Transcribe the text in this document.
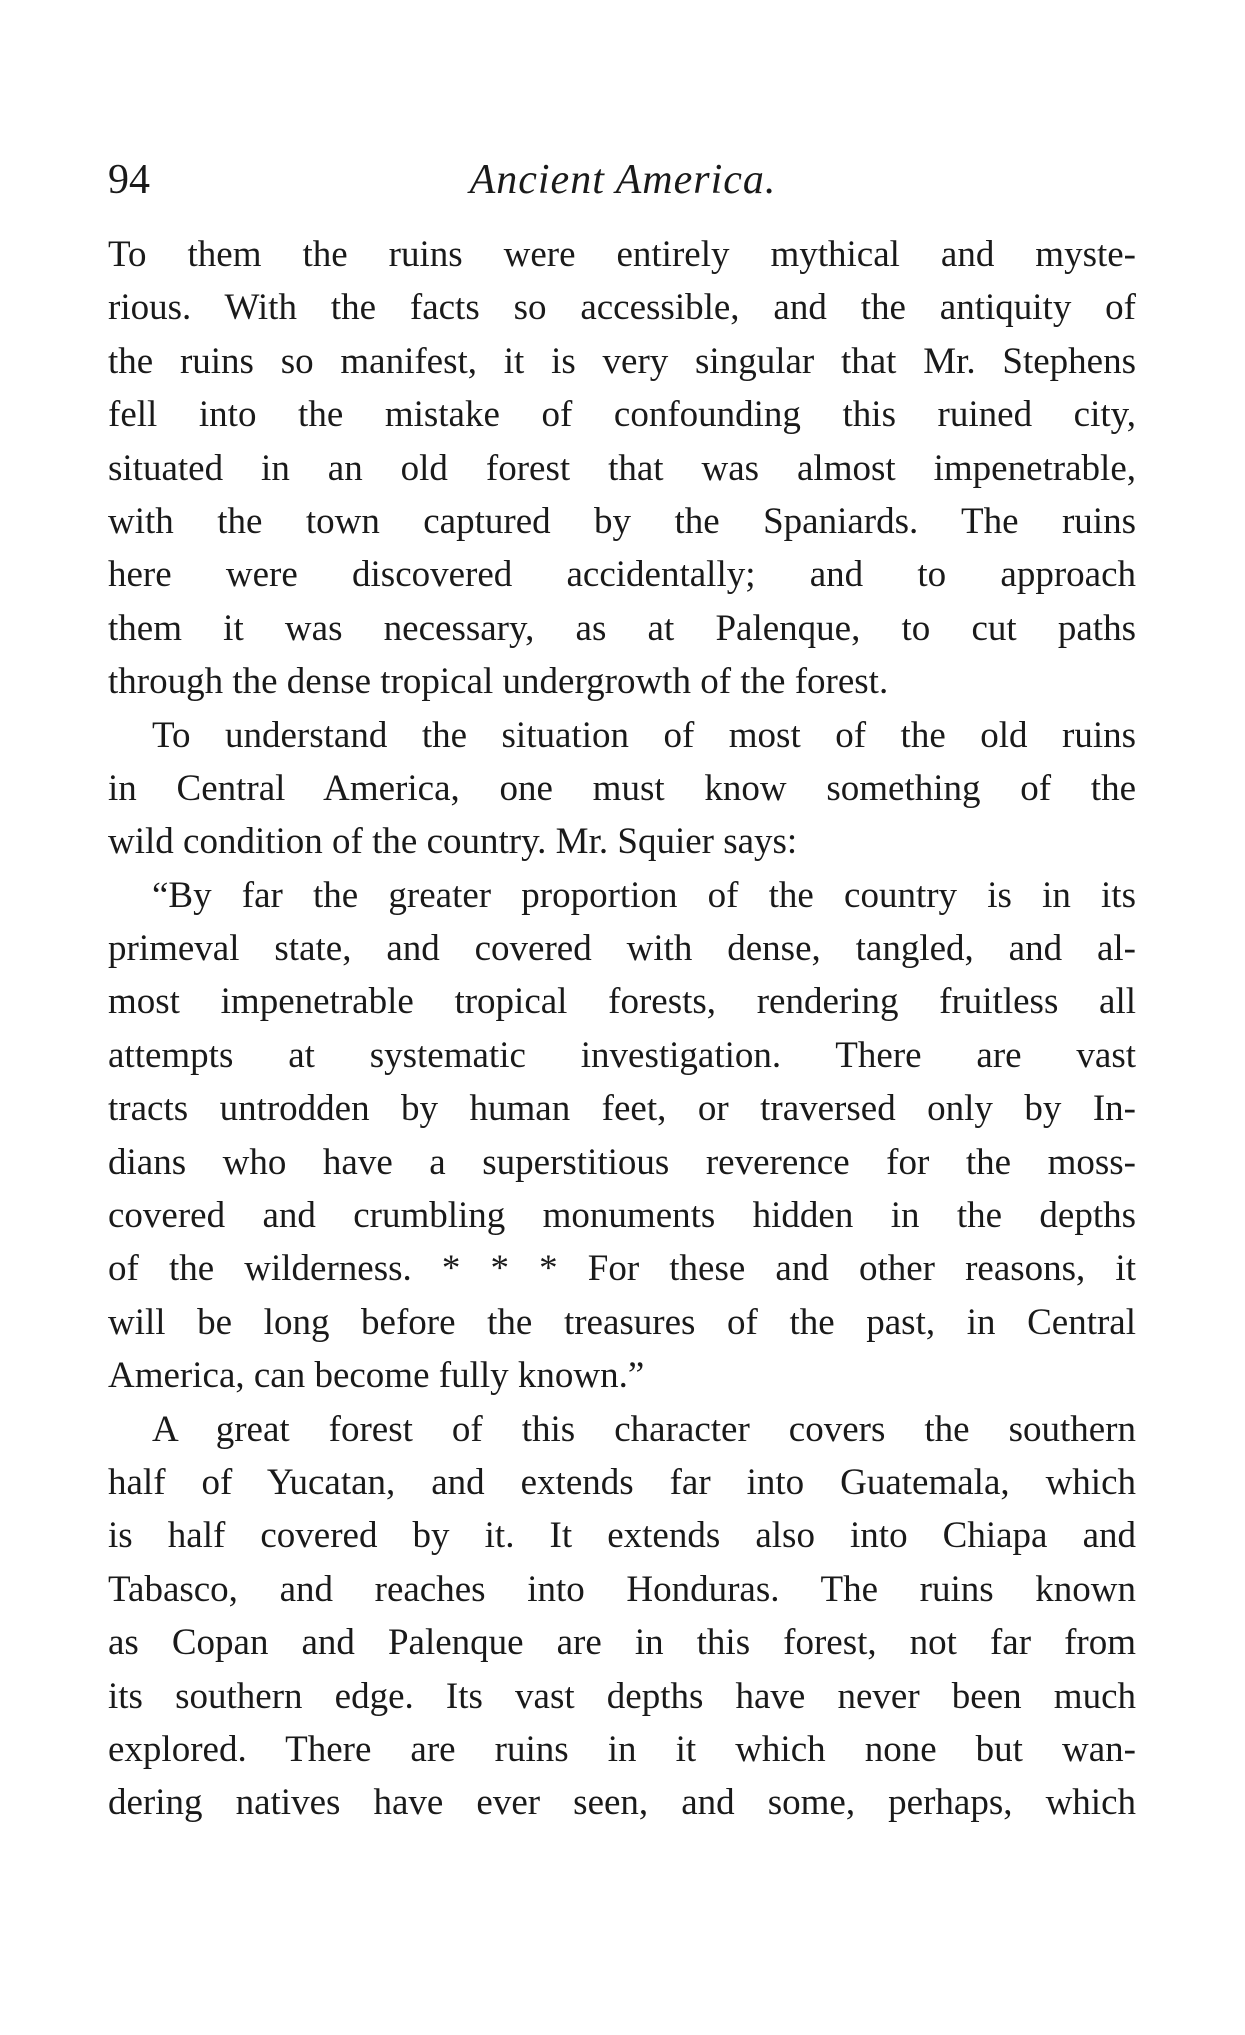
94	Ancient America.
To them the ruins were entirely mythical and myste-
rious. With the facts so accessible, and the antiquity of
the ruins so manifest, it is very singular that Mr. Stephens
fell into the mistake of confounding this ruined city,
situated in an old forest that was almost impenetrable,
with the town captured by the Spaniards. The ruins
here were discovered accidentally; and to approach
them it was necessary, as at Palenque, to cut paths
through the dense tropical undergrowth of the forest.
To understand the situation of most of the old ruins
in Central America, one must know something of the
wild condition of the country. Mr. Squier says:
“By far the greater proportion of the country is in its
primeval state, and covered with dense, tangled, and al-
most impenetrable tropical forests, rendering fruitless all
attempts at systematic investigation. There are vast
tracts untrodden by human feet, or traversed only by In-
dians who have a superstitious reverence for the moss-
covered and crumbling monuments hidden in the depths
of the wilderness. * * * For these and other reasons, it
will be long before the treasures of the past, in Central
America, can become fully known.”
A great forest of this character covers the southern
half of Yucatan, and extends far into Guatemala, which
is half covered by it. It extends also into Chiapa and
Tabasco, and reaches into Honduras. The ruins known
as Copan and Palenque are in this forest, not far from
its southern edge. Its vast depths have never been much
explored. There are ruins in it which none but wan-
dering natives have ever seen, and some, perhaps, which
